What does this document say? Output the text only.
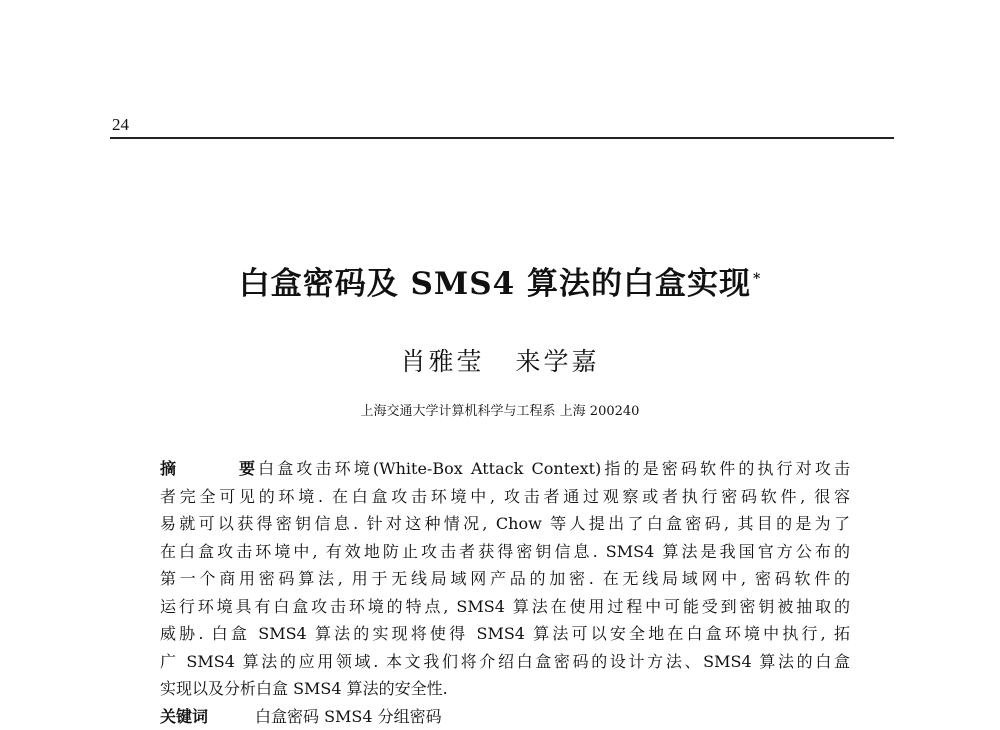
24
白盒密码及 SMS4 算法的白盒实现 *
肖雅莹 来学嘉
上海交通大学计算机科学与工程系 上海 200240
摘 要白盒攻击环境(White-Box Attack Context)指的是密码软件的执行对攻击
者完全可见的环境. 在白盒攻击环境中, 攻击者通过观察或者执行密码软件, 很容
易就可以获得密钥信息. 针对这种情况, Chow 等人提出了白盒密码, 其目的是为了
在白盒攻击环境中, 有效地防止攻击者获得密钥信息. SMS4 算法是我国官方公布的
第一个商用密码算法, 用于无线局域网产品的加密. 在无线局域网中, 密码软件的
运行环境具有白盒攻击环境的特点, SMS4 算法在使用过程中可能受到密钥被抽取的
威胁. 白盒 SMS4 算法的实现将使得 SMS4 算法可以安全地在白盒环境中执行, 拓
广 SMS4 算法的应用领域. 本文我们将介绍白盒密码的设计方法、SMS4 算法的白盒
实现以及分析白盒 SMS4 算法的安全性.
关键词	白盒密码 SMS4 分组密码
